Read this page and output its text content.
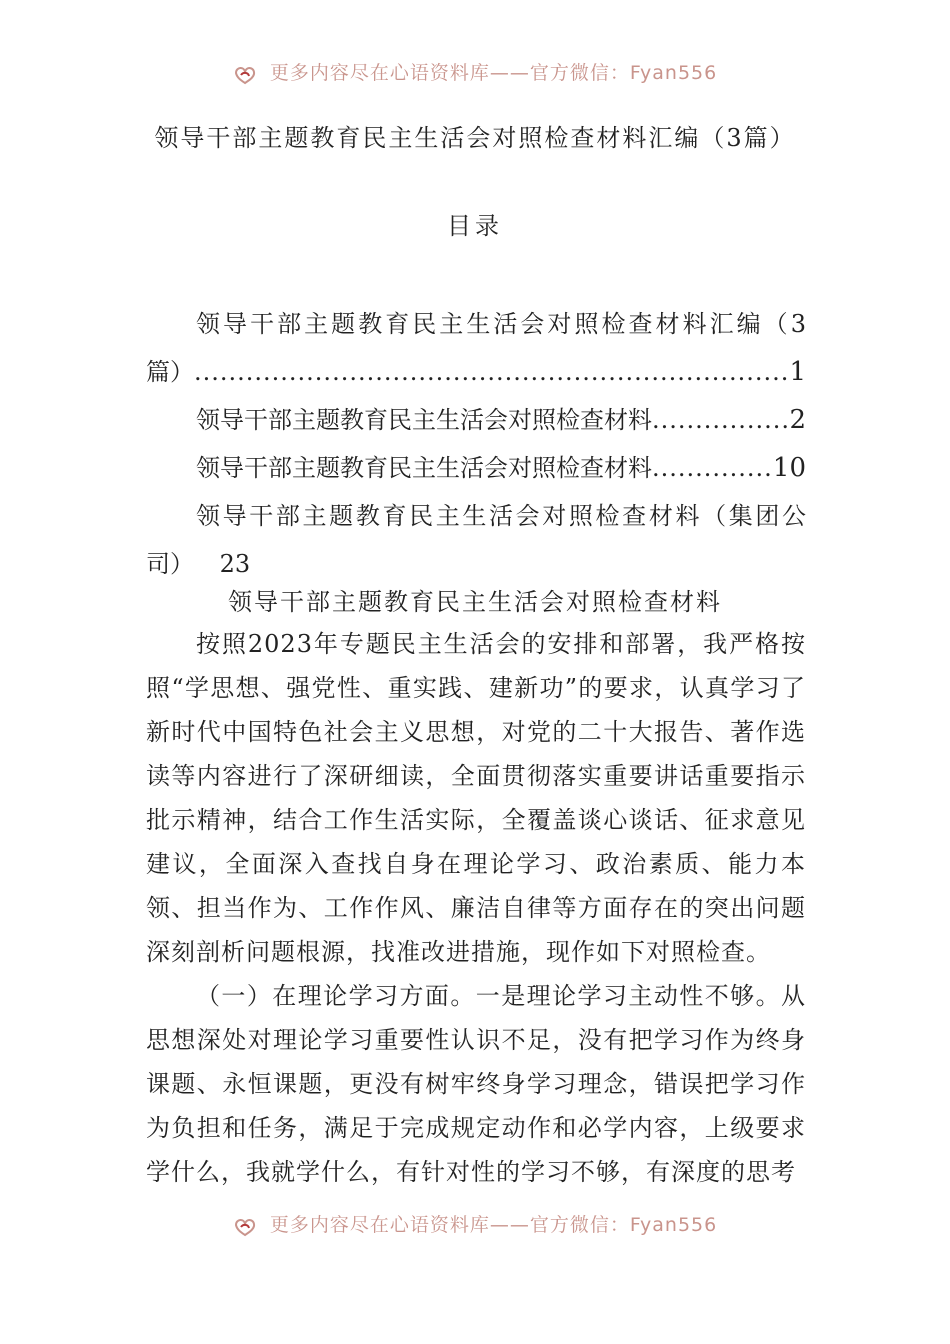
更多内容尽在心语资料库——官方微信：Fyan556
领导干部主题教育民主生活会对照检查材料汇编（3篇）
目录
领导干部主题教育民主生活会对照检查材料汇编（3
篇） .....	1
领导干部主题教育民主生活会对照检查材料 .....	2
领导干部主题教育民主生活会对照检查材料 .....	10
领导干部主题教育民主生活会对照检查材料（集团公
司） 23
领导干部主题教育民主生活会对照检查材料

按照2023年专题民主生活会的安排和部署，我严格按照“学思想、强党性、重实践、建新功”的要求，认真学习了新时代中国特色社会主义思想，对党的二十大报告、著作选读等内容进行了深研细读，全面贯彻落实重要讲话重要指示批示精神，结合工作生活实际，全覆盖谈心谈话、征求意见建议，全面深入查找自身在理论学习、政治素质、能力本领、担当作为、工作作风、廉洁自律等方面存在的突出问题深刻剖析问题根源，找准改进措施，现作如下对照检查。

（一）在理论学习方面。一是理论学习主动性不够。从思想深处对理论学习重要性认识不足，没有把学习作为终身课题、永恒课题，更没有树牢终身学习理念，错误把学习作为负担和任务，满足于完成规定动作和必学内容，上级要求学什么，我就学什么，有针对性的学习不够，有深度的思考

更多内容尽在心语资料库——官方微信：Fyan556
